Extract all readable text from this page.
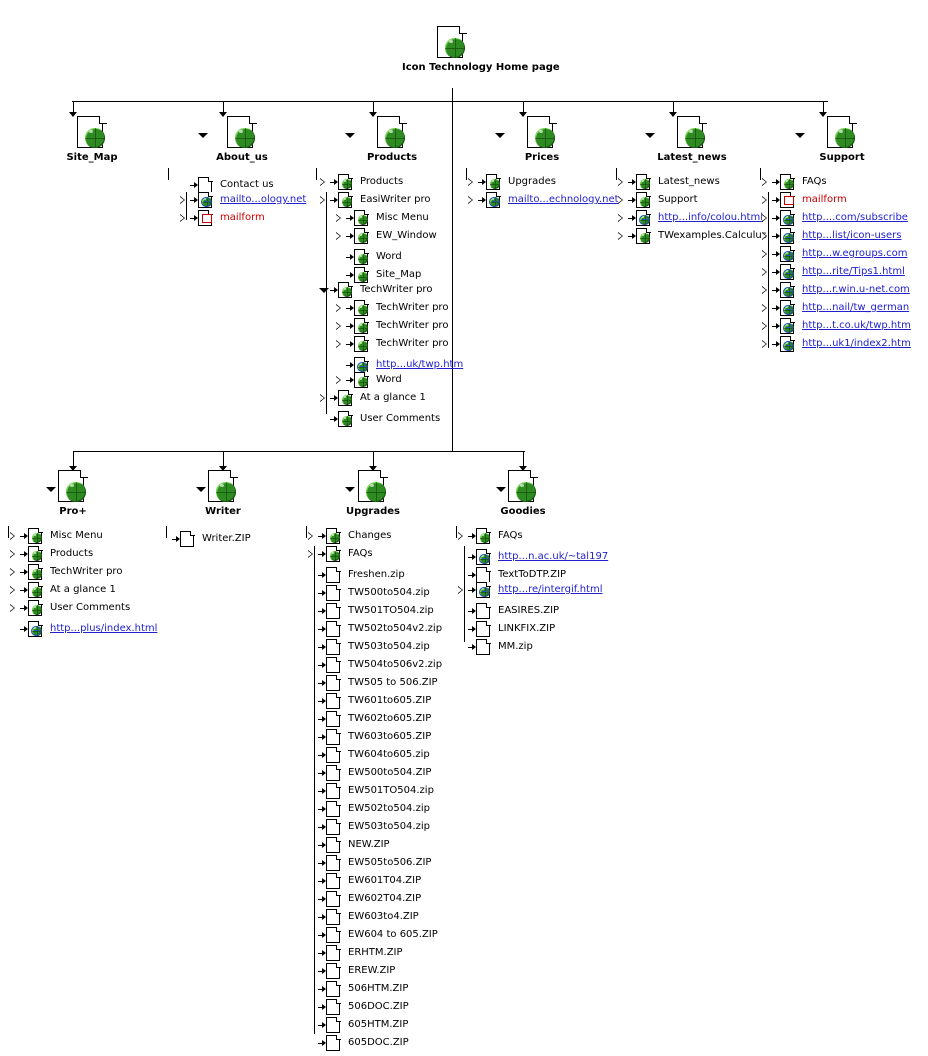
Icon Technology Home page
Site_Map	About_us	Products	Prices	Latest_news	Support
Pro+	Writer	Upgrades	Goodies
Contact us
mailto...ology.net
mailform
Products
EasiWriter pro
Misc Menu
EW_Window
Word
Site_Map
TechWriter pro
TechWriter pro
TechWriter pro
TechWriter pro
http...uk/twp.htm
Word
At a glance 1
User Comments
Upgrades
mailto...echnology.net
Latest_news
Support
http...info/colou.html
TWexamples.Calculus
FAQs
mailform
http....com/subscribe
http...list/icon-users
http...w.egroups.com
http...rite/Tips1.html
http...r.win.u-net.com
http...nail/tw_german
http...t.co.uk/twp.htm
http...uk1/index2.htm
Misc Menu
Products
TechWriter pro
At a glance 1
User Comments
http...plus/index.html
Writer.ZIP	Changes
FAQs
Freshen.zip
TW500to504.zip
TW501TO504.zip
TW502to504v2.zip
TW503to504.zip
TW504to506v2.zip
TW505 to 506.ZIP
TW601to605.ZIP
TW602to605.ZIP
TW603to605.ZIP
TW604to605.zip
EW500to504.ZIP
EW501TO504.zip
EW502to504.zip
EW503to504.zip
NEW.ZIP
EW505to506.ZIP
EW601T04.ZIP
EW602T04.ZIP
EW603to4.ZIP
EW604 to 605.ZIP
ERHTM.ZIP
EREW.ZIP
506HTM.ZIP
506DOC.ZIP
605HTM.ZIP
605DOC.ZIP
FAQs
http...n.ac.uk/~tal197
TextToDTP.ZIP
http...re/intergif.html
EASIRES.ZIP
LINKFIX.ZIP
MM.zip
